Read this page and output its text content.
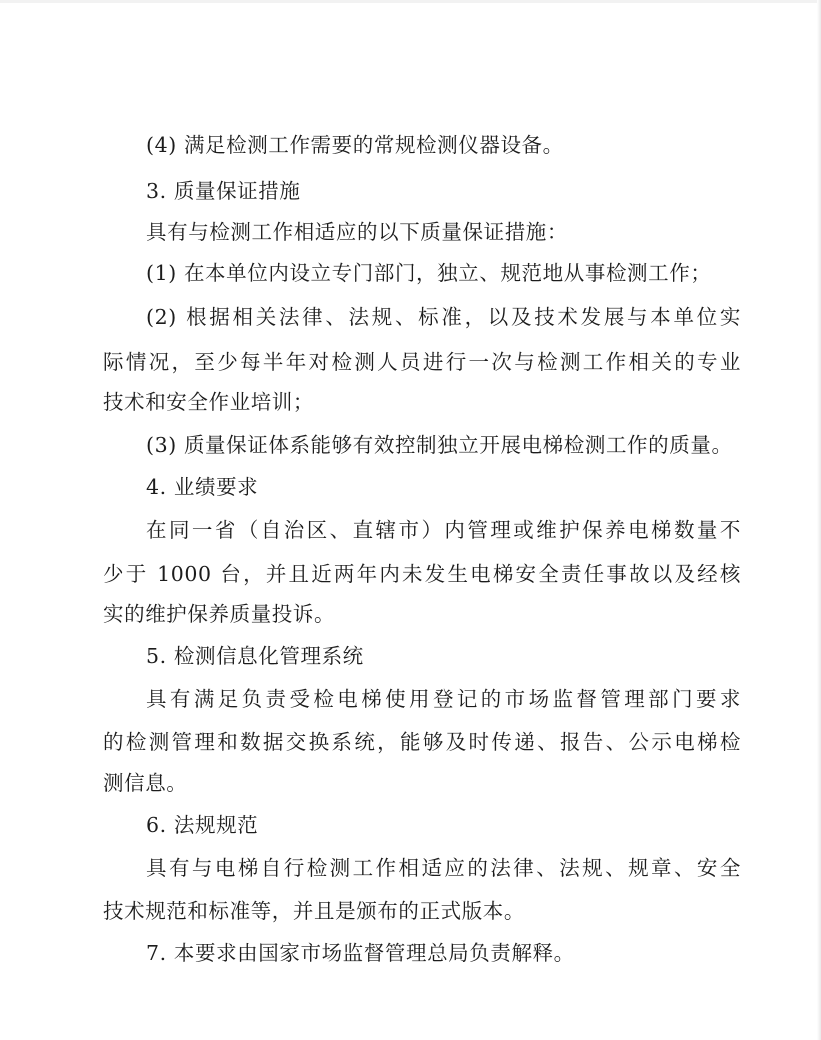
(4) 满足检测工作需要的常规检测仪器设备。
3. 质量保证措施
具有与检测工作相适应的以下质量保证措施：
(1) 在本单位内设立专门部门，独立、规范地从事检测工作；
(2) 根据相关法律、法规、标准，以及技术发展与本单位实
际情况，至少每半年对检测人员进行一次与检测工作相关的专业
技术和安全作业培训；
(3) 质量保证体系能够有效控制独立开展电梯检测工作的质量。
4. 业绩要求
在同一省（自治区、直辖市）内管理或维护保养电梯数量不
少于 1000 台，并且近两年内未发生电梯安全责任事故以及经核
实的维护保养质量投诉。
5. 检测信息化管理系统
具有满足负责受检电梯使用登记的市场监督管理部门要求
的检测管理和数据交换系统，能够及时传递、报告、公示电梯检
测信息。
6. 法规规范
具有与电梯自行检测工作相适应的法律、法规、规章、安全
技术规范和标准等，并且是颁布的正式版本。
7. 本要求由国家市场监督管理总局负责解释。
